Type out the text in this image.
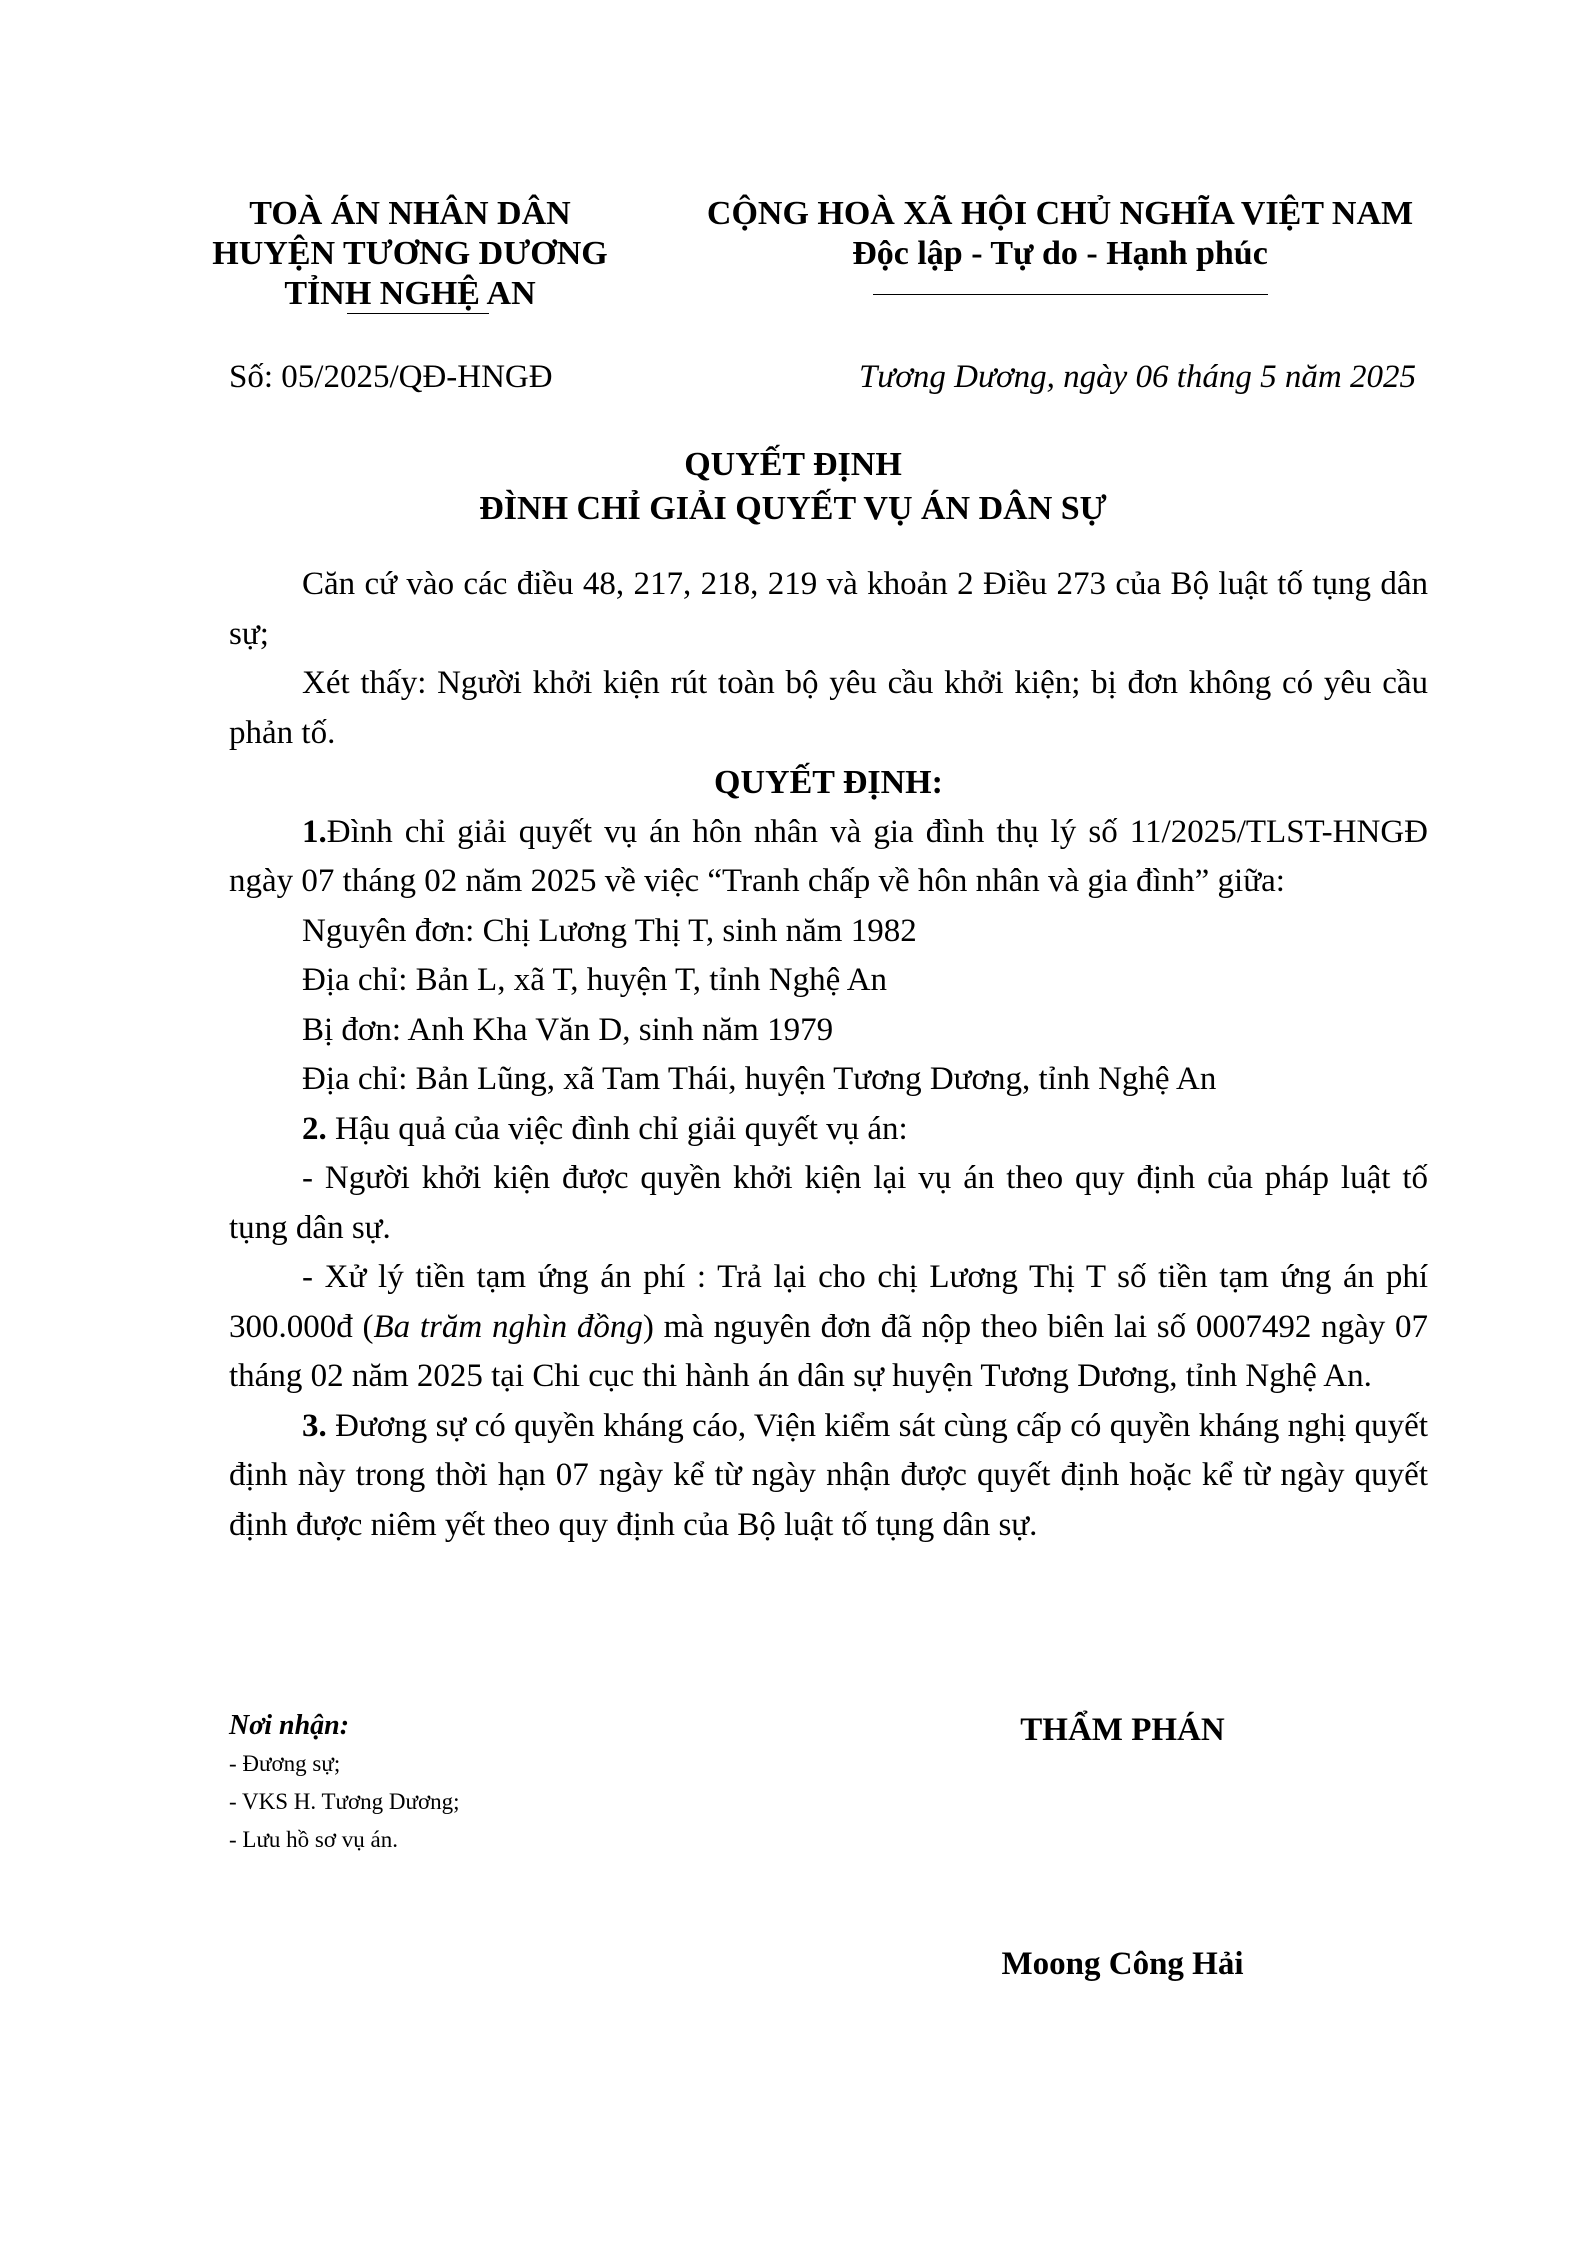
TOÀ ÁN NHÂN DÂN
HUYỆN TƯƠNG DƯƠNG
TỈNH NGHỆ AN
CỘNG HOÀ XÃ HỘI CHỦ NGHĨA VIỆT NAM
Độc lập - Tự do - Hạnh phúc
Số: 05/2025/QĐ-HNGĐ	Tương Dương, ngày 06 tháng 5 năm 2025
QUYẾT ĐỊNH
ĐÌNH CHỈ GIẢI QUYẾT VỤ ÁN DÂN SỰ

Căn cứ vào các điều 48, 217, 218, 219 và khoản 2 Điều 273 của Bộ luật tố tụng dân sự;

Xét thấy: Người khởi kiện rút toàn bộ yêu cầu khởi kiện; bị đơn không có yêu cầu phản tố.

QUYẾT ĐỊNH:

1.Đình chỉ giải quyết vụ án hôn nhân và gia đình thụ lý số 11/2025/TLST-HNGĐ ngày 07 tháng 02 năm 2025 về việc “Tranh chấp về hôn nhân và gia đình” giữa:

Nguyên đơn: Chị Lương Thị T, sinh năm 1982

Địa chỉ: Bản L, xã T, huyện T, tỉnh Nghệ An

Bị đơn: Anh Kha Văn D, sinh năm 1979

Địa chỉ: Bản Lũng, xã Tam Thái, huyện Tương Dương, tỉnh Nghệ An

2. Hậu quả của việc đình chỉ giải quyết vụ án:

- Người khởi kiện được quyền khởi kiện lại vụ án theo quy định của pháp luật tố tụng dân sự.

- Xử lý tiền tạm ứng án phí : Trả lại cho chị Lương Thị T số tiền tạm ứng án phí 300.000đ (Ba trăm nghìn đồng) mà nguyên đơn đã nộp theo biên lai số 0007492 ngày 07 tháng 02 năm 2025 tại Chi cục thi hành án dân sự huyện Tương Dương, tỉnh Nghệ An.

3. Đương sự có quyền kháng cáo, Viện kiểm sát cùng cấp có quyền kháng nghị quyết định này trong thời hạn 07 ngày kể từ ngày nhận được quyết định hoặc kể từ ngày quyết định được niêm yết theo quy định của Bộ luật tố tụng dân sự.

Nơi nhận:
- Đương sự;
- VKS H. Tương Dương;
- Lưu hồ sơ vụ án.
THẨM PHÁN
Moong Công Hải
